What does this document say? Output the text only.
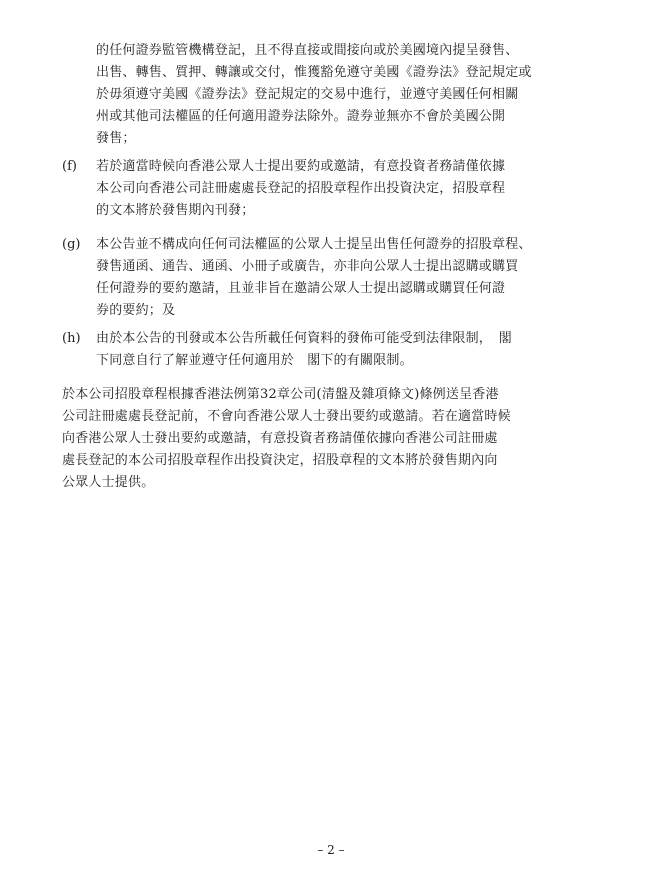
的任何證券監管機構登記，且不得直接或間接向或於美國境內提呈發售、
出售、轉售、質押、轉讓或交付，惟獲豁免遵守美國《證券法》登記規定或
於毋須遵守美國《證券法》登記規定的交易中進行，並遵守美國任何相關
州或其他司法權區的任何適用證券法除外。證券並無亦不會於美國公開
發售；
(f) 若於適當時候向香港公眾人士提出要約或邀請，有意投資者務請僅依據
本公司向香港公司註冊處處長登記的招股章程作出投資決定，招股章程
的文本將於發售期內刊發；
(g) 本公告並不構成向任何司法權區的公眾人士提呈出售任何證券的招股章程、
發售通函、通告、通函、小冊子或廣告，亦非向公眾人士提出認購或購買
任何證券的要約邀請，且並非旨在邀請公眾人士提出認購或購買任何證
券的要約；及
(h) 由於本公告的刊發或本公告所載任何資料的發佈可能受到法律限制，　閣
下同意自行了解並遵守任何適用於　閣下的有關限制。
於本公司招股章程根據香港法例第32章公司(清盤及雜項條文)條例送呈香港
公司註冊處處長登記前，不會向香港公眾人士發出要約或邀請。若在適當時候
向香港公眾人士發出要約或邀請，有意投資者務請僅依據向香港公司註冊處
處長登記的本公司招股章程作出投資決定，招股章程的文本將於發售期內向
公眾人士提供。
– 2 –
